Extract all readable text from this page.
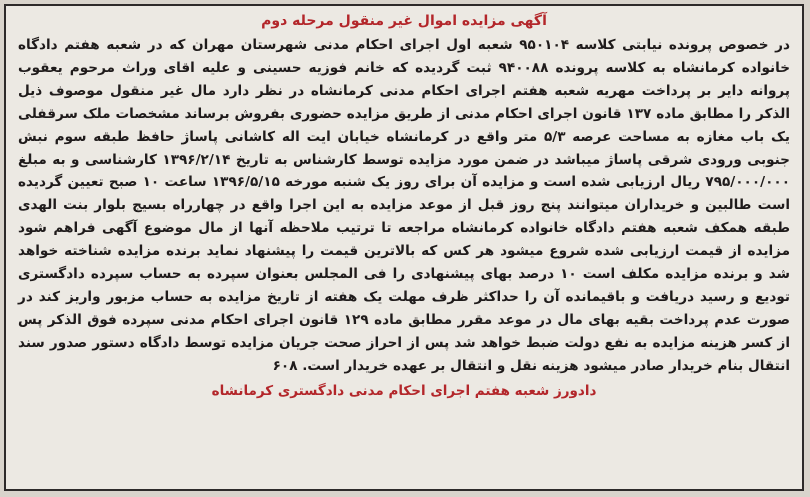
آگهی مزایده اموال غیر منقول مرحله دوم

در خصوص پرونده نیابتی کلاسه ۹۵۰۱۰۴ شعبه اول اجرای احکام مدنی شهرستان مهران که در شعبه هفتم دادگاه خانواده کرمانشاه به کلاسه پرونده ۹۴۰۰۸۸ ثبت گردیده که خانم فوزیه حسینی و علیه اقای وراث مرحوم یعقوب پروانه دایر بر پرداخت مهریه شعبه هفتم اجرای احکام مدنی کرمانشاه در نظر دارد مال غیر منقول موصوف ذیل الذکر را مطابق ماده ۱۳۷ قانون اجرای احکام مدنی از طریق مزایده حضوری بفروش برساند مشخصات ملک سرقفلی یک باب مغازه به مساحت عرصه ۵/۳ متر واقع در کرمانشاه خیابان ایت اله کاشانی پاساژ حافظ طبقه سوم نبش جنوبی ورودی شرقی پاساژ میباشد در ضمن مورد مزایده توسط کارشناس به تاریخ ۱۳۹۶/۲/۱۴ کارشناسی و به مبلغ ۷۹۵/۰۰۰/۰۰۰ ریال ارزیابی شده است و مزایده آن برای روز یک شنبه مورخه ۱۳۹۶/۵/۱۵ ساعت ۱۰ صبح تعیین گردیده است طالبین و خریداران میتوانند پنج روز قبل از موعد مزایده به این اجرا واقع در چهارراه بسیج بلوار بنت الهدی طبقه همکف شعبه هفتم دادگاه خانواده کرمانشاه مراجعه تا ترتیب ملاحظه آنها از مال موضوع آگهی فراهم شود مزایده از قیمت ارزیابی شده شروع میشود هر کس که بالاترین قیمت را پیشنهاد نماید برنده مزایده شناخته خواهد شد و برنده مزایده مکلف است ۱۰ درصد بهای پیشنهادی را فی المجلس بعنوان سپرده به حساب سپرده دادگستری تودیع و رسید دریافت و باقیمانده آن را حداکثر ظرف مهلت یک هفته از تاریخ مزایده به حساب مزبور واریز کند در صورت عدم پرداخت بقیه بهای مال در موعد مقرر مطابق ماده ۱۲۹ قانون اجرای احکام مدنی سپرده فوق الذکر پس از کسر هزینه مزایده به نفع دولت ضبط خواهد شد پس از احراز صحت جریان مزایده توسط دادگاه دستور صدور سند انتقال بنام خریدار صادر میشود هزینه نقل و انتقال بر عهده خریدار است. ۶۰۸

دادورز شعبه هفتم اجرای احکام مدنی دادگستری کرمانشاه
